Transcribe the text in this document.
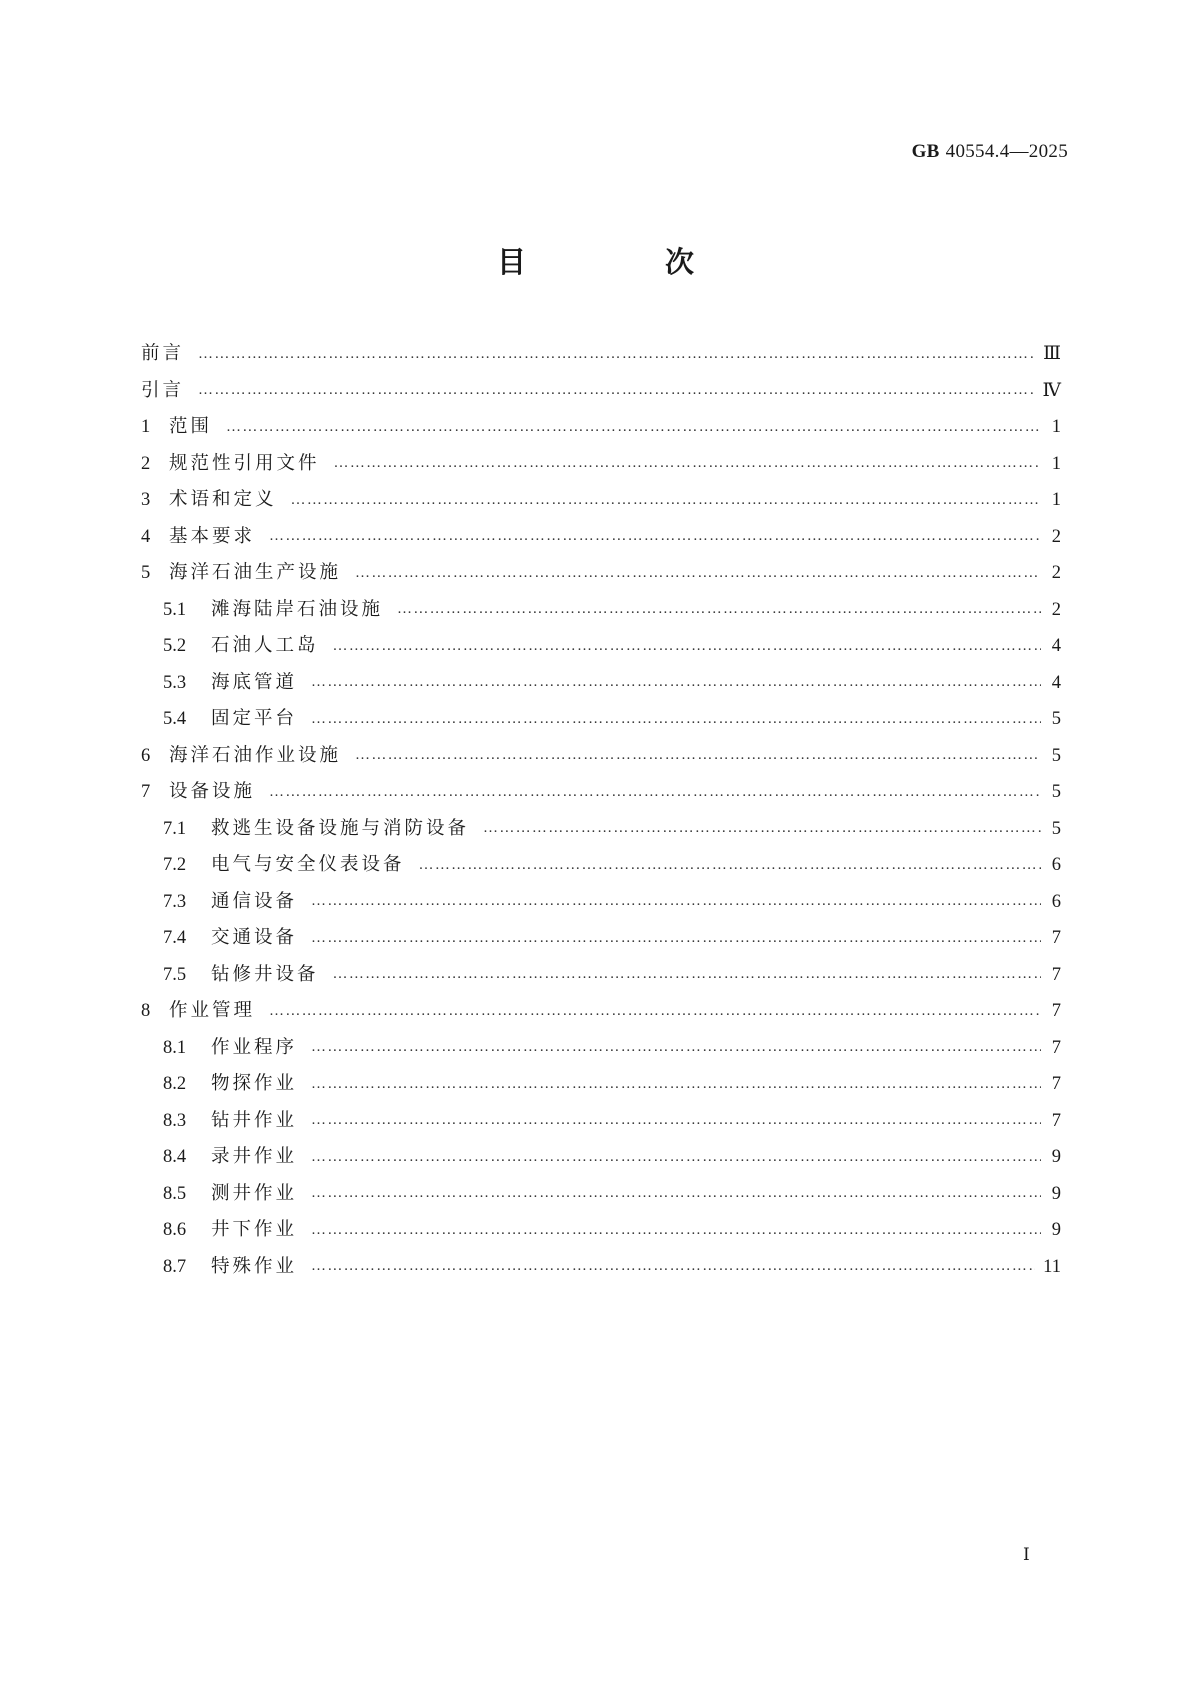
GB 40554.4—2025
目　次
前言 …………………………………………………………………………………………………………………………………………………………………………………………………………………………………………………………………………	Ⅲ
引言 …………………………………………………………………………………………………………………………………………………………………………………………………………………………………………………………………………	Ⅳ
1	范围 …………………………………………………………………………………………………………………………………………………………………………………………………………………………………………………………………………	1
2	规范性引用文件 …………………………………………………………………………………………………………………………………………………………………………………………………………………………………………………………………………	1
3	术语和定义 …………………………………………………………………………………………………………………………………………………………………………………………………………………………………………………………………………	1
4	基本要求 …………………………………………………………………………………………………………………………………………………………………………………………………………………………………………………………………………	2
5	海洋石油生产设施 …………………………………………………………………………………………………………………………………………………………………………………………………………………………………………………………………………	2
5.1	滩海陆岸石油设施 …………………………………………………………………………………………………………………………………………………………………………………………………………………………………………………………………………	2
5.2	石油人工岛 …………………………………………………………………………………………………………………………………………………………………………………………………………………………………………………………………………	4
5.3	海底管道 …………………………………………………………………………………………………………………………………………………………………………………………………………………………………………………………………………	4
5.4	固定平台 …………………………………………………………………………………………………………………………………………………………………………………………………………………………………………………………………………	5
6	海洋石油作业设施 …………………………………………………………………………………………………………………………………………………………………………………………………………………………………………………………………………	5
7	设备设施 …………………………………………………………………………………………………………………………………………………………………………………………………………………………………………………………………………	5
7.1	救逃生设备设施与消防设备 …………………………………………………………………………………………………………………………………………………………………………………………………………………………………………………………………………	5
7.2	电气与安全仪表设备 …………………………………………………………………………………………………………………………………………………………………………………………………………………………………………………………………………	6
7.3	通信设备 …………………………………………………………………………………………………………………………………………………………………………………………………………………………………………………………………………	6
7.4	交通设备 …………………………………………………………………………………………………………………………………………………………………………………………………………………………………………………………………………	7
7.5	钻修井设备 …………………………………………………………………………………………………………………………………………………………………………………………………………………………………………………………………………	7
8	作业管理 …………………………………………………………………………………………………………………………………………………………………………………………………………………………………………………………………………	7
8.1	作业程序 …………………………………………………………………………………………………………………………………………………………………………………………………………………………………………………………………………	7
8.2	物探作业 …………………………………………………………………………………………………………………………………………………………………………………………………………………………………………………………………………	7
8.3	钻井作业 …………………………………………………………………………………………………………………………………………………………………………………………………………………………………………………………………………	7
8.4	录井作业 …………………………………………………………………………………………………………………………………………………………………………………………………………………………………………………………………………	9
8.5	测井作业 …………………………………………………………………………………………………………………………………………………………………………………………………………………………………………………………………………	9
8.6	井下作业 …………………………………………………………………………………………………………………………………………………………………………………………………………………………………………………………………………	9
8.7	特殊作业 …………………………………………………………………………………………………………………………………………………………………………………………………………………………………………………………………………	11
Ⅰ
